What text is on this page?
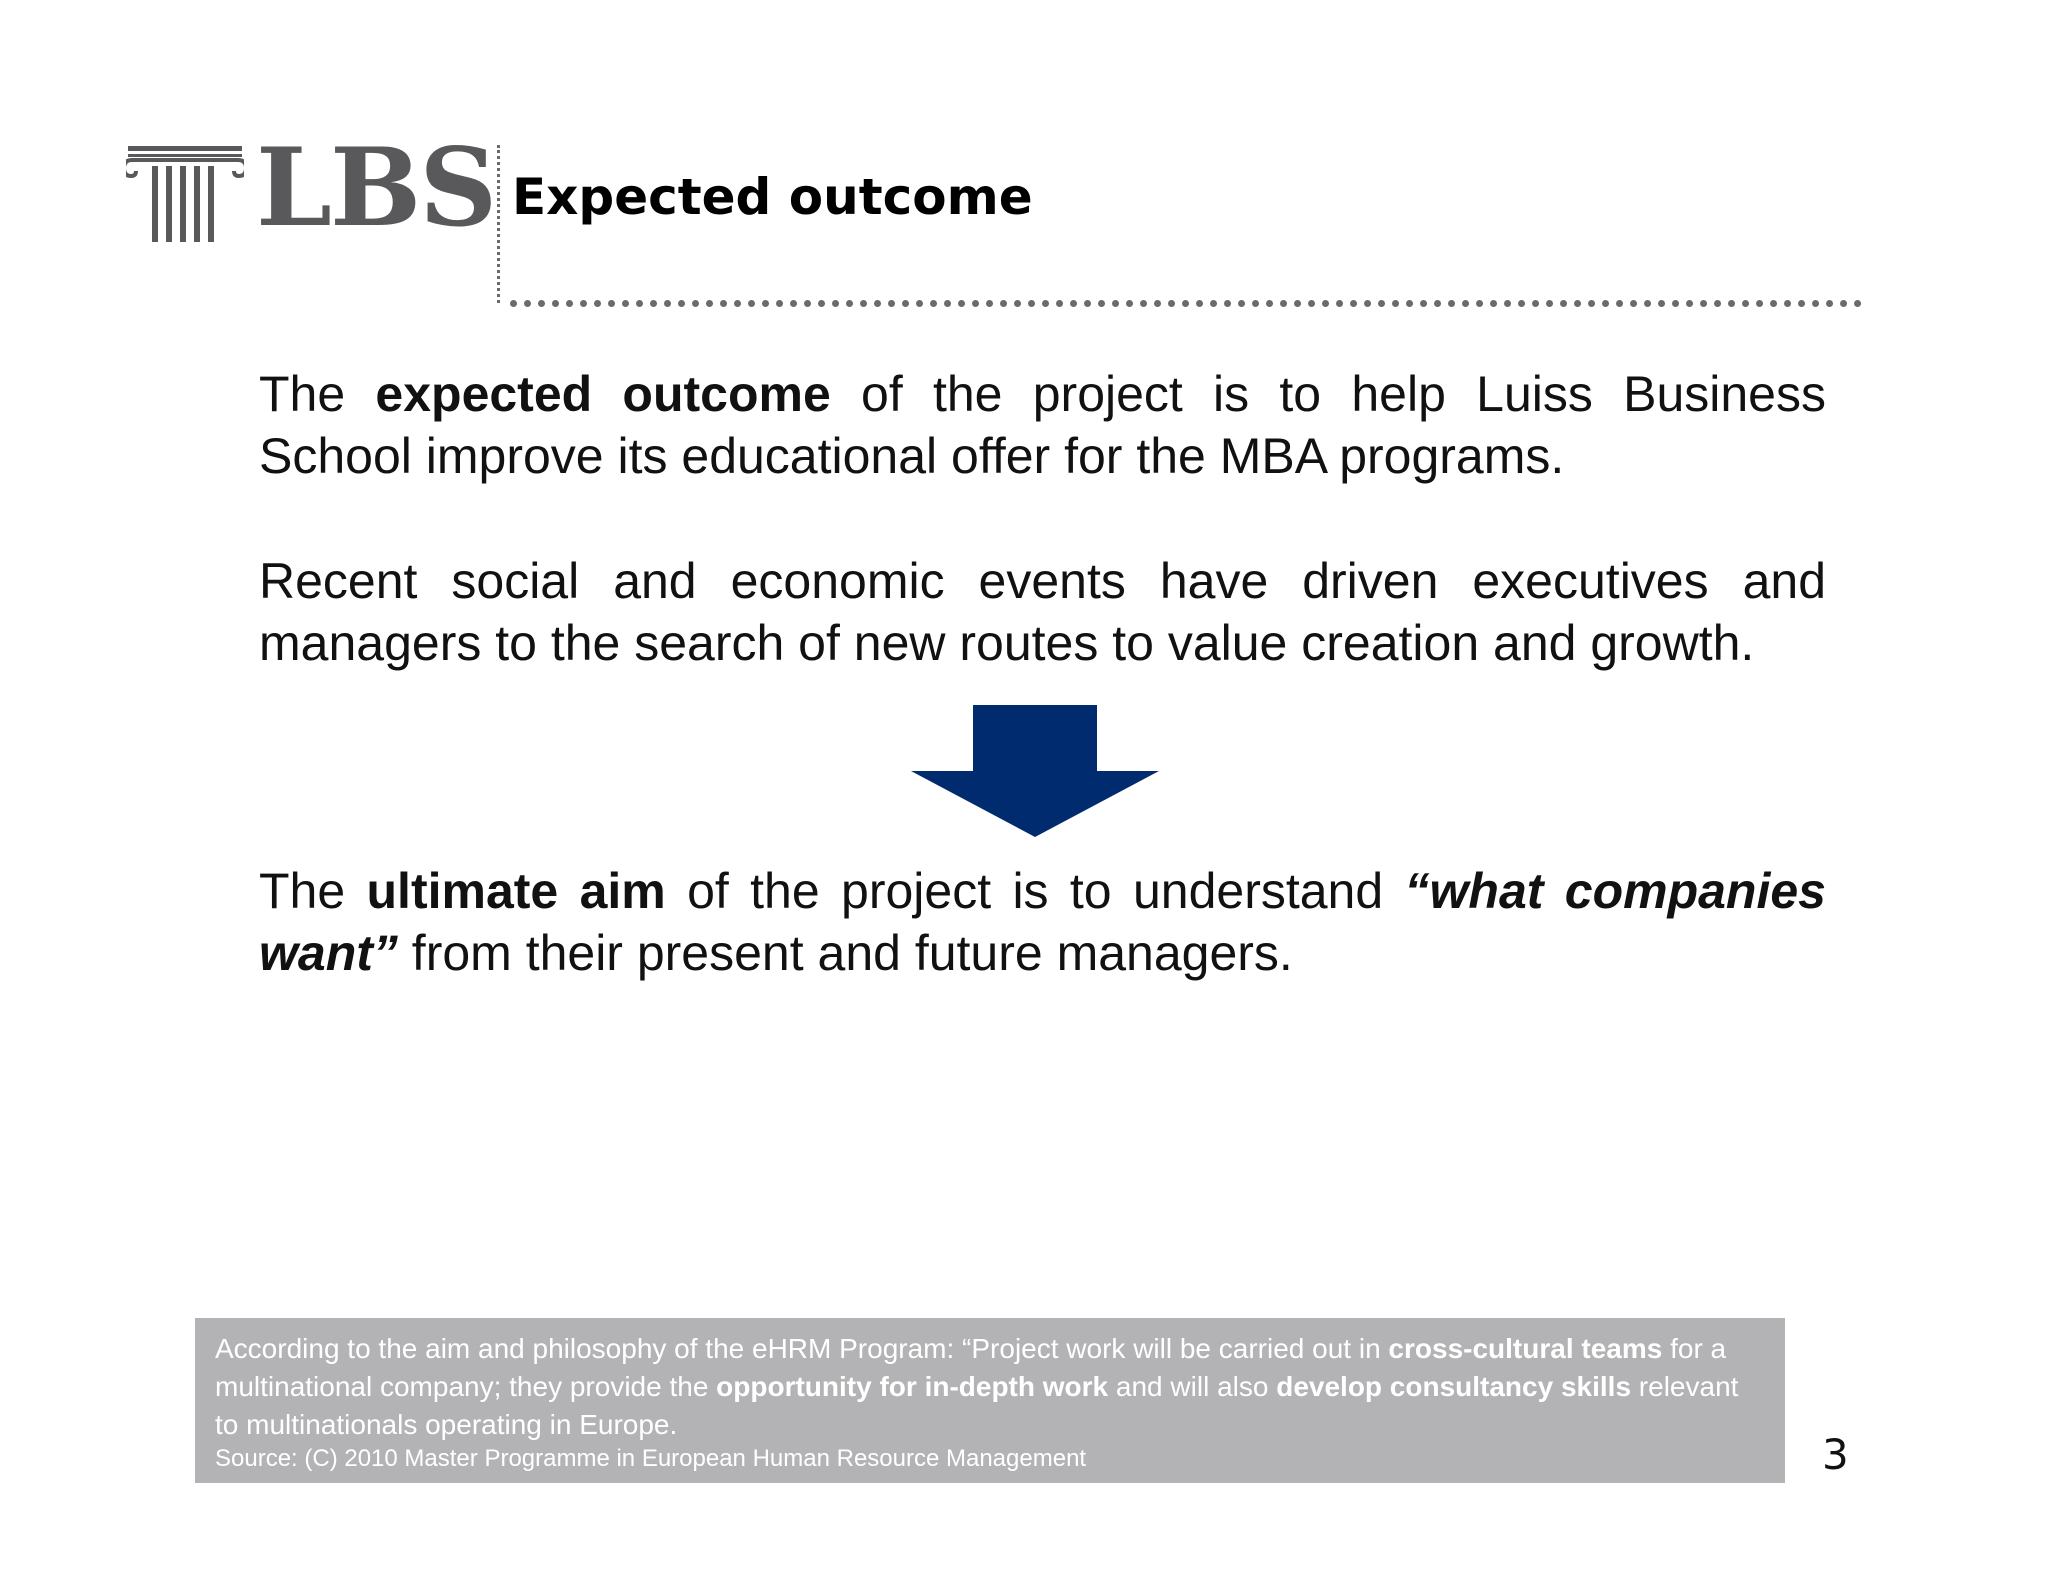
LBS Expected outcome

The expected outcome of the project is to help Luiss Business School improve its educational offer for the MBA programs.

Recent social and economic events have driven executives and managers to the search of new routes to value creation and growth.

The ultimate aim of the project is to understand “what companies want” from their present and future managers.

According to the aim and philosophy of the eHRM Program: “Project work will be carried out in cross-cultural teams for a multinational company; they provide the opportunity for in-depth work and will also develop consultancy skills relevant to multinationals operating in Europe.
Source: (C) 2010 Master Programme in European Human Resource Management	3
